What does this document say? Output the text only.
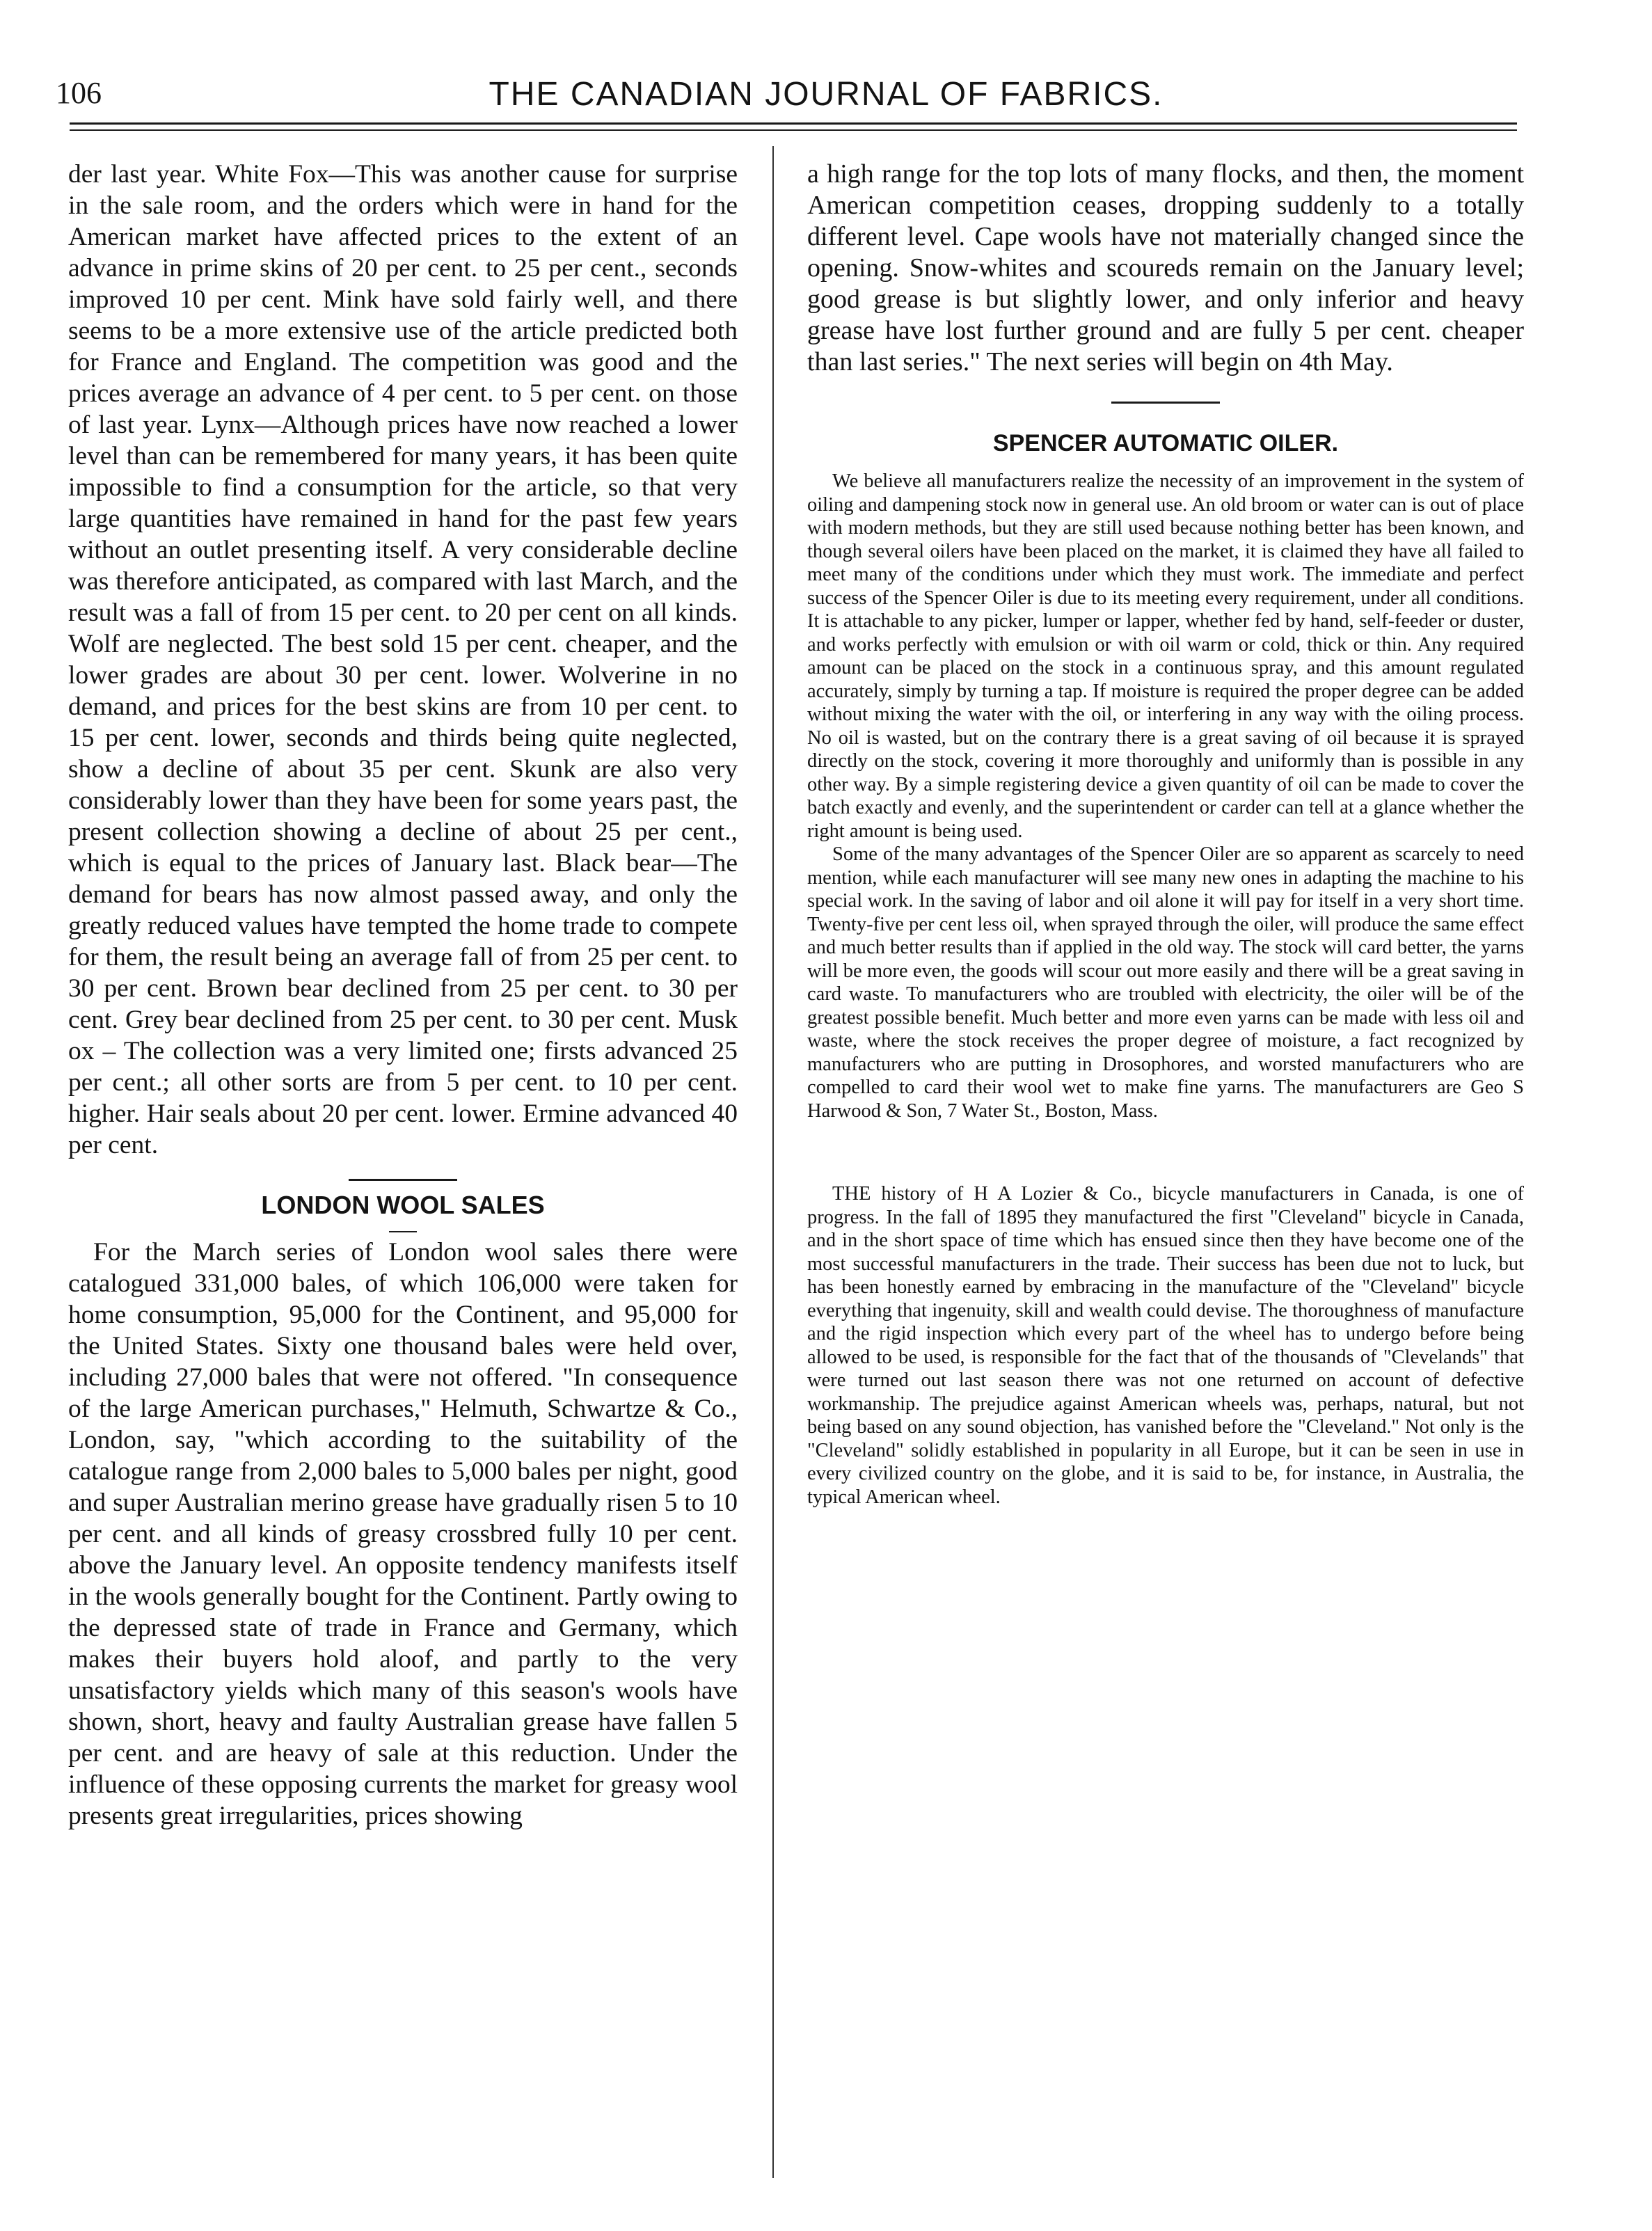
106	THE CANADIAN JOURNAL OF FABRICS.

der last year. White Fox—This was another cause for surprise in the sale room, and the orders which were in hand for the American market have affected prices to the extent of an advance in prime skins of 20 per cent. to 25 per cent., seconds improved 10 per cent. Mink have sold fairly well, and there seems to be a more extensive use of the article predicted both for France and England. The competition was good and the prices average an advance of 4 per cent. to 5 per cent. on those of last year. Lynx—Although prices have now reached a lower level than can be remembered for many years, it has been quite impossible to find a consumption for the article, so that very large quantities have remained in hand for the past few years without an outlet presenting itself. A very considerable decline was therefore anticipated, as compared with last March, and the result was a fall of from 15 per cent. to 20 per cent on all kinds. Wolf are neglected. The best sold 15 per cent. cheaper, and the lower grades are about 30 per cent. lower. Wolverine in no demand, and prices for the best skins are from 10 per cent. to 15 per cent. lower, seconds and thirds being quite neglected, show a decline of about 35 per cent. Skunk are also very considerably lower than they have been for some years past, the present collection showing a decline of about 25 per cent., which is equal to the prices of January last. Black bear—The demand for bears has now almost passed away, and only the greatly reduced values have tempted the home trade to compete for them, the result being an average fall of from 25 per cent. to 30 per cent. Brown bear declined from 25 per cent. to 30 per cent. Grey bear declined from 25 per cent. to 30 per cent. Musk ox – The collection was a very limited one; firsts advanced 25 per cent.; all other sorts are from 5 per cent. to 10 per cent. higher. Hair seals about 20 per cent. lower. Ermine advanced 40 per cent.

LONDON WOOL SALES

For the March series of London wool sales there were catalogued 331,000 bales, of which 106,000 were taken for home consumption, 95,000 for the Continent, and 95,000 for the United States. Sixty one thousand bales were held over, including 27,000 bales that were not offered. "In consequence of the large American purchases," Helmuth, Schwartze & Co., London, say, "which according to the suitability of the catalogue range from 2,000 bales to 5,000 bales per night, good and super Australian merino grease have gradually risen 5 to 10 per cent. and all kinds of greasy crossbred fully 10 per cent. above the January level. An opposite tendency manifests itself in the wools generally bought for the Continent. Partly owing to the depressed state of trade in France and Germany, which makes their buyers hold aloof, and partly to the very unsatisfactory yields which many of this season's wools have shown, short, heavy and faulty Australian grease have fallen 5 per cent. and are heavy of sale at this reduction. Under the influence of these opposing currents the market for greasy wool presents great irregularities, prices showing

a high range for the top lots of many flocks, and then, the moment American competition ceases, dropping suddenly to a totally different level. Cape wools have not materially changed since the opening. Snow-whites and scoureds remain on the January level; good grease is but slightly lower, and only inferior and heavy grease have lost further ground and are fully 5 per cent. cheaper than last series." The next series will begin on 4th May.

SPENCER AUTOMATIC OILER.

We believe all manufacturers realize the necessity of an improvement in the system of oiling and dampening stock now in general use. An old broom or water can is out of place with modern methods, but they are still used because nothing better has been known, and though several oilers have been placed on the market, it is claimed they have all failed to meet many of the conditions under which they must work. The immediate and perfect success of the Spencer Oiler is due to its meeting every requirement, under all conditions. It is attachable to any picker, lumper or lapper, whether fed by hand, self-feeder or duster, and works perfectly with emulsion or with oil warm or cold, thick or thin. Any required amount can be placed on the stock in a continuous spray, and this amount regulated accurately, simply by turning a tap. If moisture is required the proper degree can be added without mixing the water with the oil, or interfering in any way with the oiling process. No oil is wasted, but on the contrary there is a great saving of oil because it is sprayed directly on the stock, covering it more thoroughly and uniformly than is possible in any other way. By a simple registering device a given quantity of oil can be made to cover the batch exactly and evenly, and the superintendent or carder can tell at a glance whether the right amount is being used.

Some of the many advantages of the Spencer Oiler are so apparent as scarcely to need mention, while each manufacturer will see many new ones in adapting the machine to his special work. In the saving of labor and oil alone it will pay for itself in a very short time. Twenty-five per cent less oil, when sprayed through the oiler, will produce the same effect and much better results than if applied in the old way. The stock will card better, the yarns will be more even, the goods will scour out more easily and there will be a great saving in card waste. To manufacturers who are troubled with electricity, the oiler will be of the greatest possible benefit. Much better and more even yarns can be made with less oil and waste, where the stock receives the proper degree of moisture, a fact recognized by manufacturers who are putting in Drosophores, and worsted manufacturers who are compelled to card their wool wet to make fine yarns. The manufacturers are Geo S Harwood & Son, 7 Water St., Boston, Mass.

THE history of H A Lozier & Co., bicycle manufacturers in Canada, is one of progress. In the fall of 1895 they manufactured the first "Cleveland" bicycle in Canada, and in the short space of time which has ensued since then they have become one of the most successful manufacturers in the trade. Their success has been due not to luck, but has been honestly earned by embracing in the manufacture of the "Cleveland" bicycle everything that ingenuity, skill and wealth could devise. The thoroughness of manufacture and the rigid inspection which every part of the wheel has to undergo before being allowed to be used, is responsible for the fact that of the thousands of "Clevelands" that were turned out last season there was not one returned on account of defective workmanship. The prejudice against American wheels was, perhaps, natural, but not being based on any sound objection, has vanished before the "Cleveland." Not only is the "Cleveland" solidly established in popularity in all Europe, but it can be seen in use in every civilized country on the globe, and it is said to be, for instance, in Australia, the typical American wheel.
